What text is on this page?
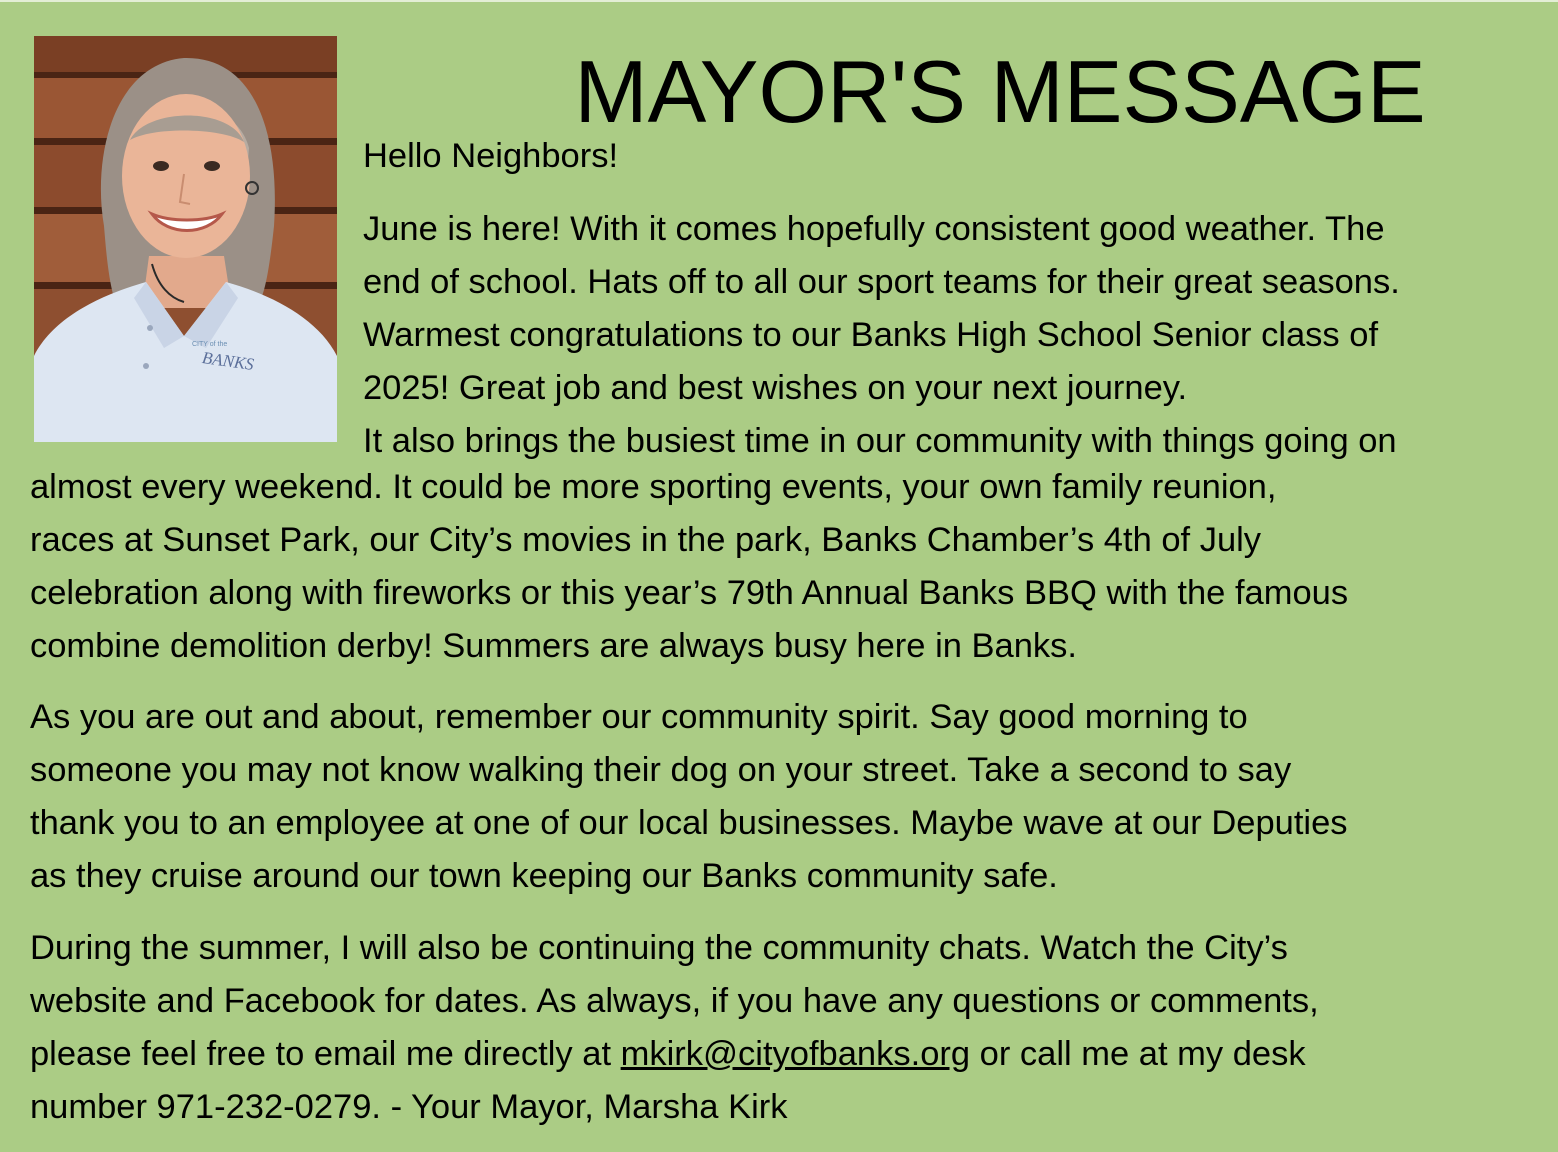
CITY of the
BANKS
MAYOR'S MESSAGE

Hello Neighbors!

June is here! With it comes hopefully consistent good weather. The

end of school. Hats off to all our sport teams for their great seasons.

Warmest congratulations to our Banks High School Senior class of

2025! Great job and best wishes on your next journey.

It also brings the busiest time in our community with things going on

almost every weekend. It could be more sporting events, your own family reunion,

races at Sunset Park, our City’s movies in the park, Banks Chamber’s 4th of July

celebration along with fireworks or this year’s 79th Annual Banks BBQ with the famous

combine demolition derby! Summers are always busy here in Banks.

As you are out and about, remember our community spirit. Say good morning to

someone you may not know walking their dog on your street. Take a second to say

thank you to an employee at one of our local businesses. Maybe wave at our Deputies

as they cruise around our town keeping our Banks community safe.

During the summer, I will also be continuing the community chats. Watch the City’s

website and Facebook for dates. As always, if you have any questions or comments,

please feel free to email me directly at mkirk@cityofbanks.org or call me at my desk

number 971-232-0279. - Your Mayor, Marsha Kirk
